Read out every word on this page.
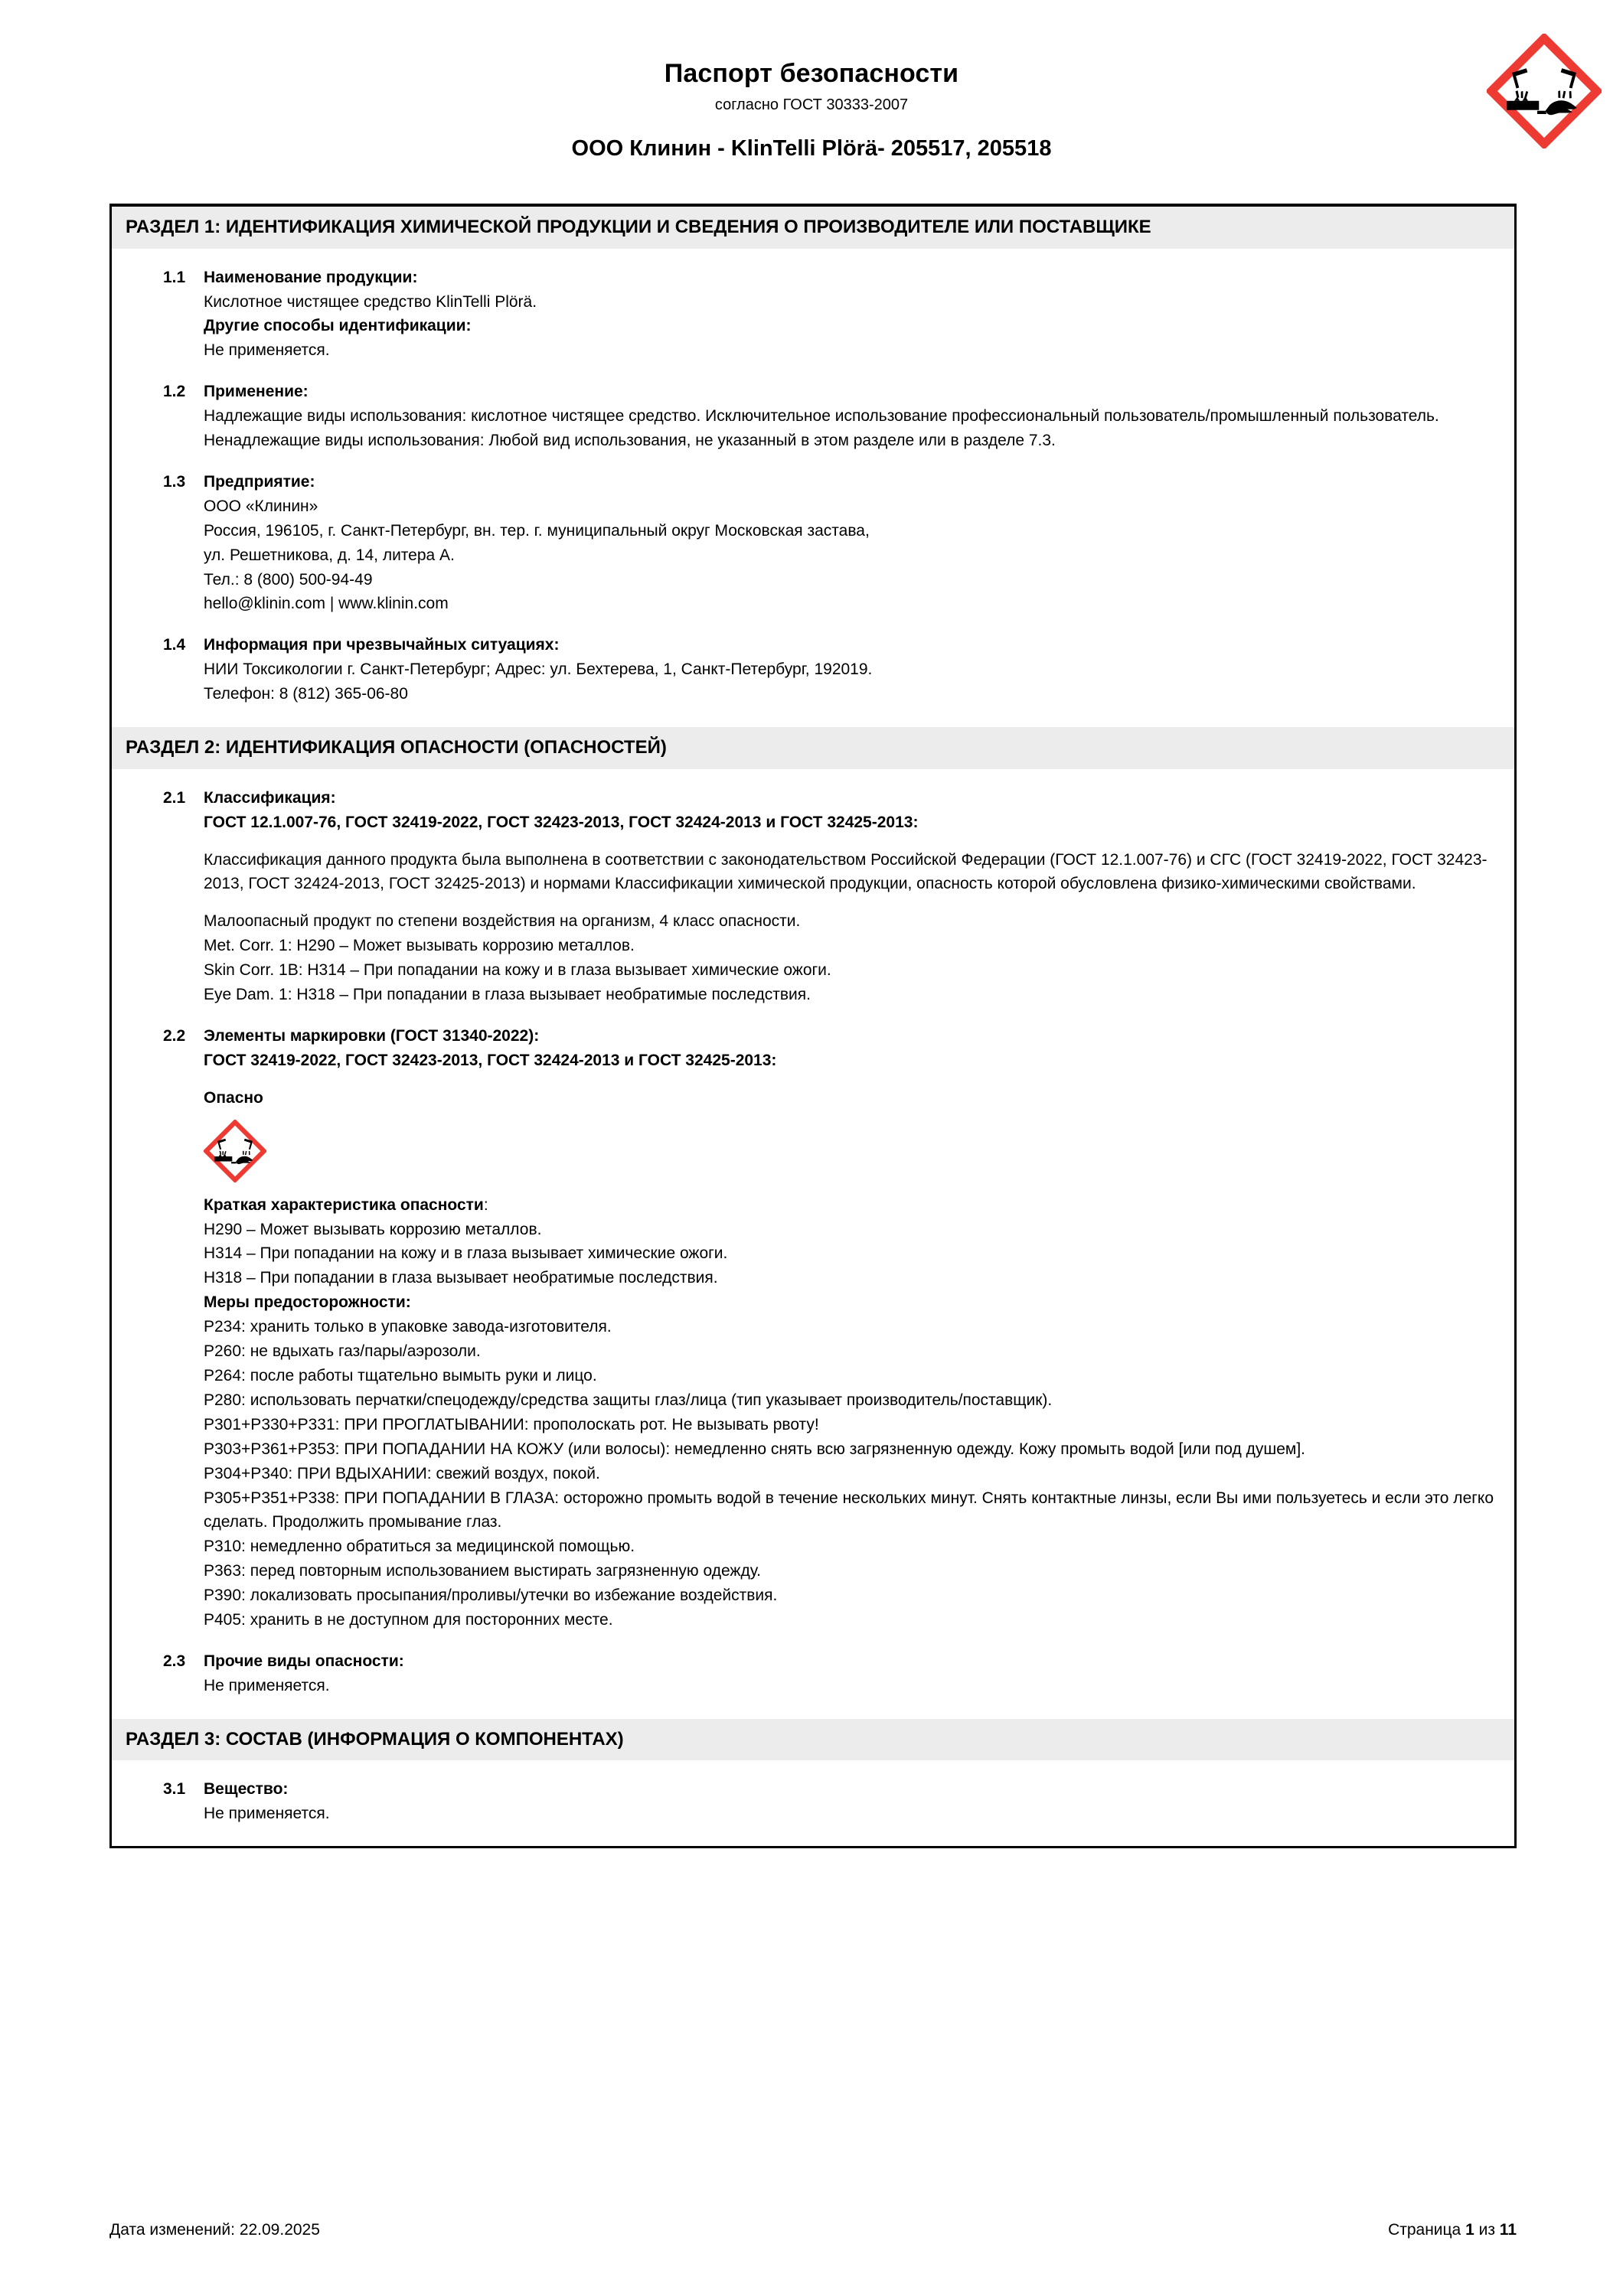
Паспорт безопасности
согласно ГОСТ 30333-2007
ООО Клинин - KlinTelli Plörä- 205517, 205518
РАЗДЕЛ 1: ИДЕНТИФИКАЦИЯ ХИМИЧЕСКОЙ ПРОДУКЦИИ И СВЕДЕНИЯ О ПРОИЗВОДИТЕЛЕ ИЛИ ПОСТАВЩИКЕ
1.1	Наименование продукции:
Кислотное чистящее средство KlinTelli Plörä.
Другие способы идентификации:
Не применяется.
1.2	Применение:
Надлежащие виды использования: кислотное чистящее средство. Исключительное использование профессиональный пользователь/промышленный пользователь.
Ненадлежащие виды использования: Любой вид использования, не указанный в этом разделе или в разделе 7.3.
1.3	Предприятие:
ООО «Клинин»
Россия, 196105, г. Санкт-Петербург, вн. тер. г. муниципальный округ Московская застава,
ул. Решетникова, д. 14, литера А.
Тел.: 8 (800) 500-94-49
hello@klinin.com | www.klinin.com
1.4	Информация при чрезвычайных ситуациях:
НИИ Токсикологии г. Санкт-Петербург; Адрес: ул. Бехтерева, 1, Санкт-Петербург, 192019.
Телефон: 8 (812) 365-06-80
РАЗДЕЛ 2: ИДЕНТИФИКАЦИЯ ОПАСНОСТИ (ОПАСНОСТЕЙ)
2.1	Классификация:
ГОСТ 12.1.007-76, ГОСТ 32419-2022, ГОСТ 32423-2013, ГОСТ 32424-2013 и ГОСТ 32425-2013:
Классификация данного продукта была выполнена в соответствии с законодательством Российской Федерации (ГОСТ 12.1.007-76) и СГС (ГОСТ 32419-2022, ГОСТ 32423-2013, ГОСТ 32424-2013, ГОСТ 32425-2013) и нормами Классификации химической продукции, опасность которой обусловлена физико-химическими свойствами.
Малоопасный продукт по степени воздействия на организм, 4 класс опасности.
Met. Corr. 1: H290 – Может вызывать коррозию металлов.
Skin Corr. 1B: H314 – При попадании на кожу и в глаза вызывает химические ожоги.
Eye Dam. 1: H318 – При попадании в глаза вызывает необратимые последствия.
2.2	Элементы маркировки (ГОСТ 31340-2022):
ГОСТ 32419-2022, ГОСТ 32423-2013, ГОСТ 32424-2013 и ГОСТ 32425-2013:
Опасно
Краткая характеристика опасности:
H290 – Может вызывать коррозию металлов.
H314 – При попадании на кожу и в глаза вызывает химические ожоги.
H318 – При попадании в глаза вызывает необратимые последствия.
Меры предосторожности:
P234: хранить только в упаковке завода-изготовителя.
P260: не вдыхать газ/пары/аэрозоли.
P264: после работы тщательно вымыть руки и лицо.
P280: использовать перчатки/спецодежду/средства защиты глаз/лица (тип указывает производитель/поставщик).
P301+P330+P331: ПРИ ПРОГЛАТЫВАНИИ: прополоскать рот. Не вызывать рвоту!
P303+P361+P353: ПРИ ПОПАДАНИИ НА КОЖУ (или волосы): немедленно снять всю загрязненную одежду. Кожу промыть водой [или под душем].
P304+P340: ПРИ ВДЫХАНИИ: свежий воздух, покой.
P305+P351+P338: ПРИ ПОПАДАНИИ В ГЛАЗА: осторожно промыть водой в течение нескольких минут. Снять контактные линзы, если Вы ими пользуетесь и если это легко сделать. Продолжить промывание глаз.
P310: немедленно обратиться за медицинской помощью.
P363: перед повторным использованием выстирать загрязненную одежду.
P390: локализовать просыпания/проливы/утечки во избежание воздействия.
P405: хранить в не доступном для посторонних месте.
2.3	Прочие виды опасности:
Не применяется.
РАЗДЕЛ 3: СОСТАВ (ИНФОРМАЦИЯ О КОМПОНЕНТАХ)
3.1	Вещество:
Не применяется.
Дата изменений: 22.09.2025	Страница 1 из 11
